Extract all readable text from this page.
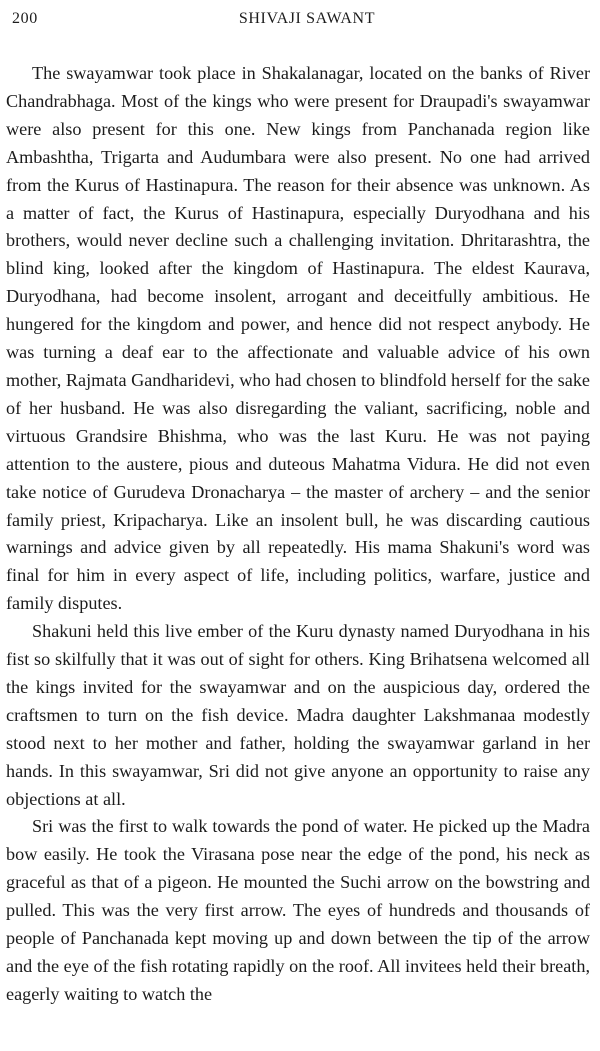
200	SHIVAJI SAWANT

The swayamwar took place in Shakalanagar, located on the banks of River Chandrabhaga. Most of the kings who were present for Draupadi's swayamwar were also present for this one. New kings from Panchanada region like Ambashtha, Trigarta and Audumbara were also present. No one had arrived from the Kurus of Hastinapura. The reason for their absence was unknown. As a matter of fact, the Kurus of Hastinapura, especially Duryodhana and his brothers, would never decline such a challenging invitation. Dhritarashtra, the blind king, looked after the kingdom of Hastinapura. The eldest Kaurava, Duryodhana, had become insolent, arrogant and deceitfully ambitious. He hungered for the kingdom and power, and hence did not respect anybody. He was turning a deaf ear to the affectionate and valuable advice of his own mother, Rajmata Gandharidevi, who had chosen to blindfold herself for the sake of her husband. He was also disregarding the valiant, sacrificing, noble and virtuous Grandsire Bhishma, who was the last Kuru. He was not paying attention to the austere, pious and duteous Mahatma Vidura. He did not even take notice of Gurudeva Dronacharya – the master of archery – and the senior family priest, Kripacharya. Like an insolent bull, he was discarding cautious warnings and advice given by all repeatedly. His mama Shakuni's word was final for him in every aspect of life, including politics, warfare, justice and family disputes.

Shakuni held this live ember of the Kuru dynasty named Duryodhana in his fist so skilfully that it was out of sight for others. King Brihatsena welcomed all the kings invited for the swayamwar and on the auspicious day, ordered the craftsmen to turn on the fish device. Madra daughter Lakshmanaa modestly stood next to her mother and father, holding the swayamwar garland in her hands. In this swayamwar, Sri did not give anyone an opportunity to raise any objections at all.

Sri was the first to walk towards the pond of water. He picked up the Madra bow easily. He took the Virasana pose near the edge of the pond, his neck as graceful as that of a pigeon. He mounted the Suchi arrow on the bowstring and pulled. This was the very first arrow. The eyes of hundreds and thousands of people of Panchanada kept moving up and down between the tip of the arrow and the eye of the fish rotating rapidly on the roof. All invitees held their breath, eagerly waiting to watch the
